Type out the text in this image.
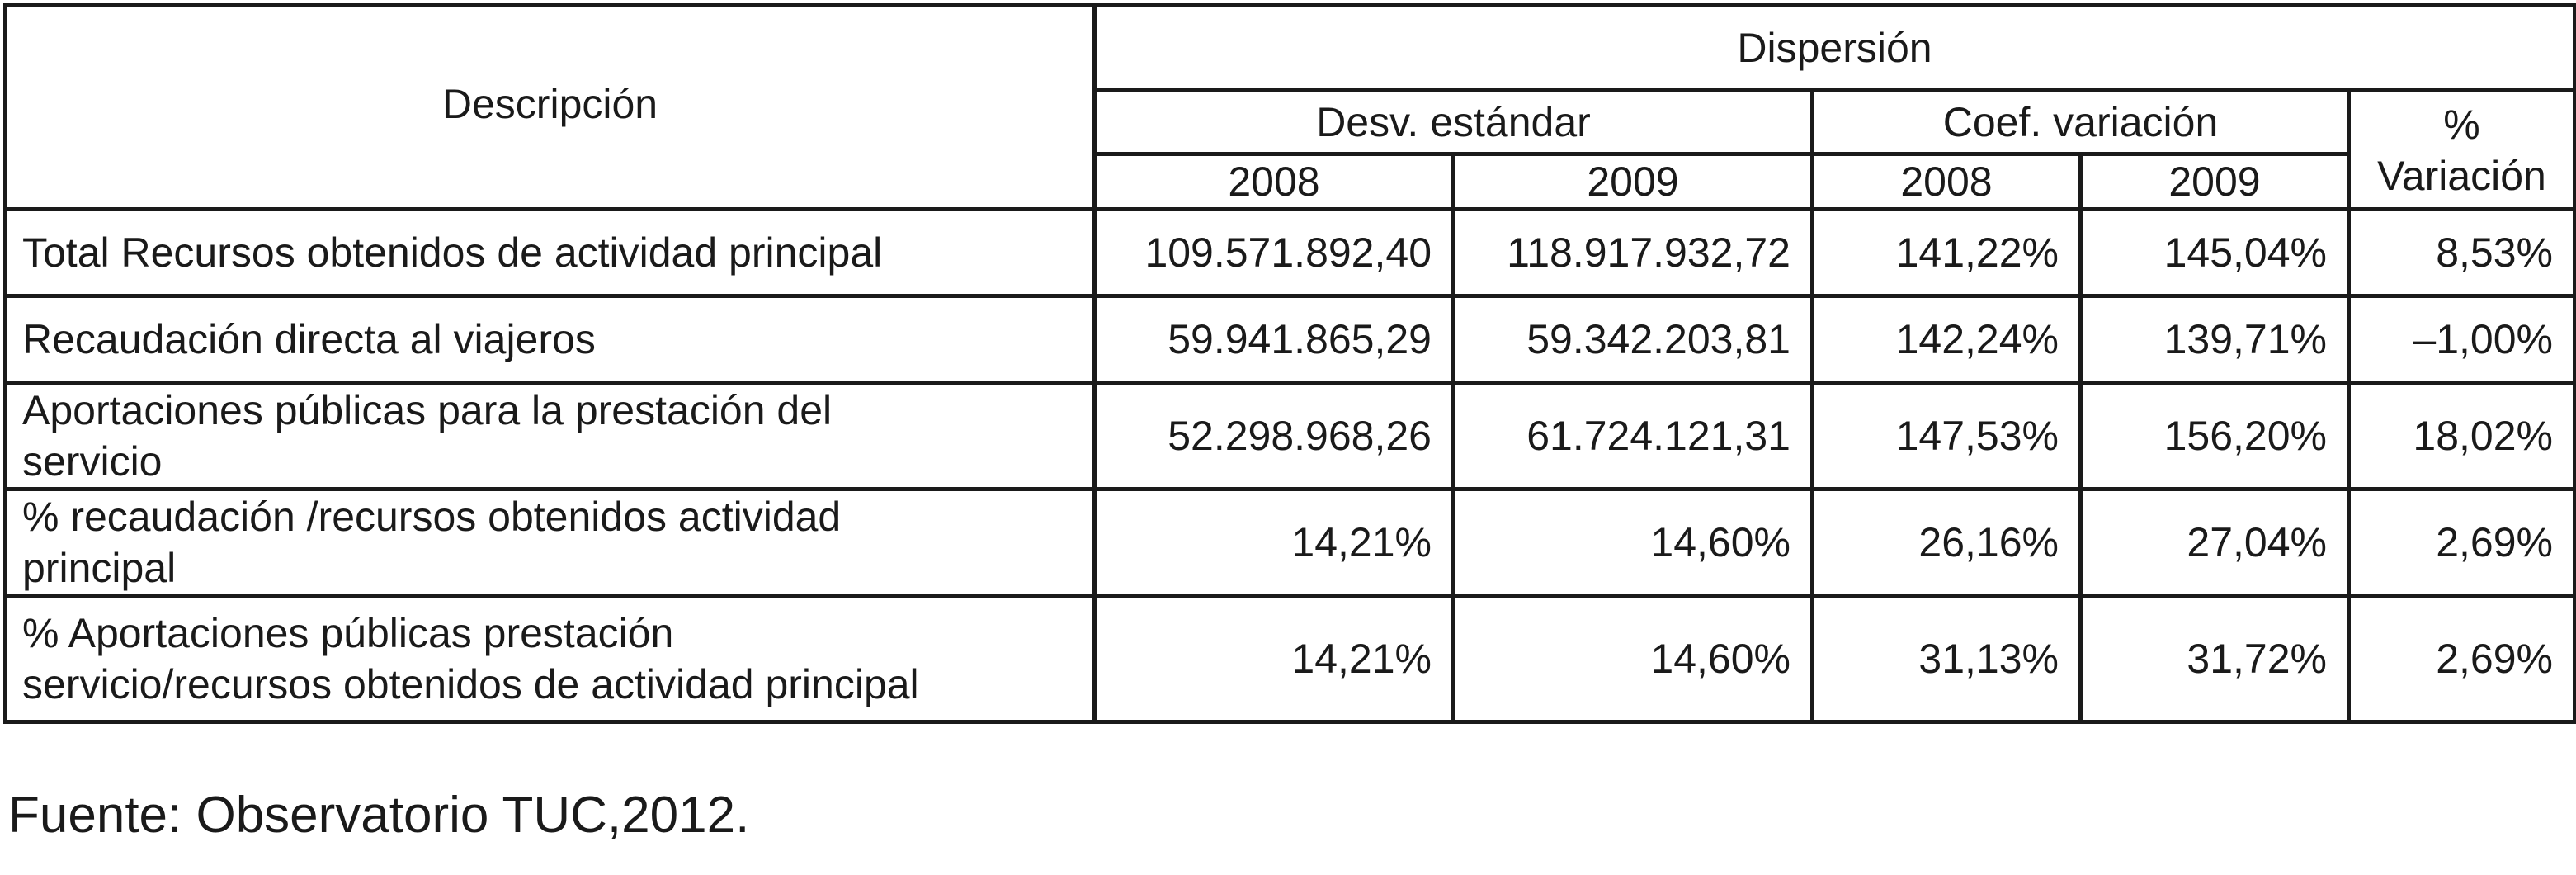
Descripción	Dispersión				
	Desv. estándar		Coef. variación		%
Variación

	2008	2009	2008	2009	

Total Recursos obtenidos de actividad principal	109.571.892,40	118.917.932,72	141,22%	145,04%	8,53%

Recaudación directa al viajeros	59.941.865,29	59.342.203,81	142,24%	139,71%	–1,00%

Aportaciones públicas para la prestación del
servicio	52.298.968,26	61.724.121,31	147,53%	156,20%	18,02%

% recaudación /recursos obtenidos actividad
principal	14,21%	14,60%	26,16%	27,04%	2,69%

% Aportaciones públicas prestación
servicio/recursos obtenidos de actividad principal	14,21%	14,60%	31,13%	31,72%	2,69%
Fuente: Observatorio TUC,2012.
